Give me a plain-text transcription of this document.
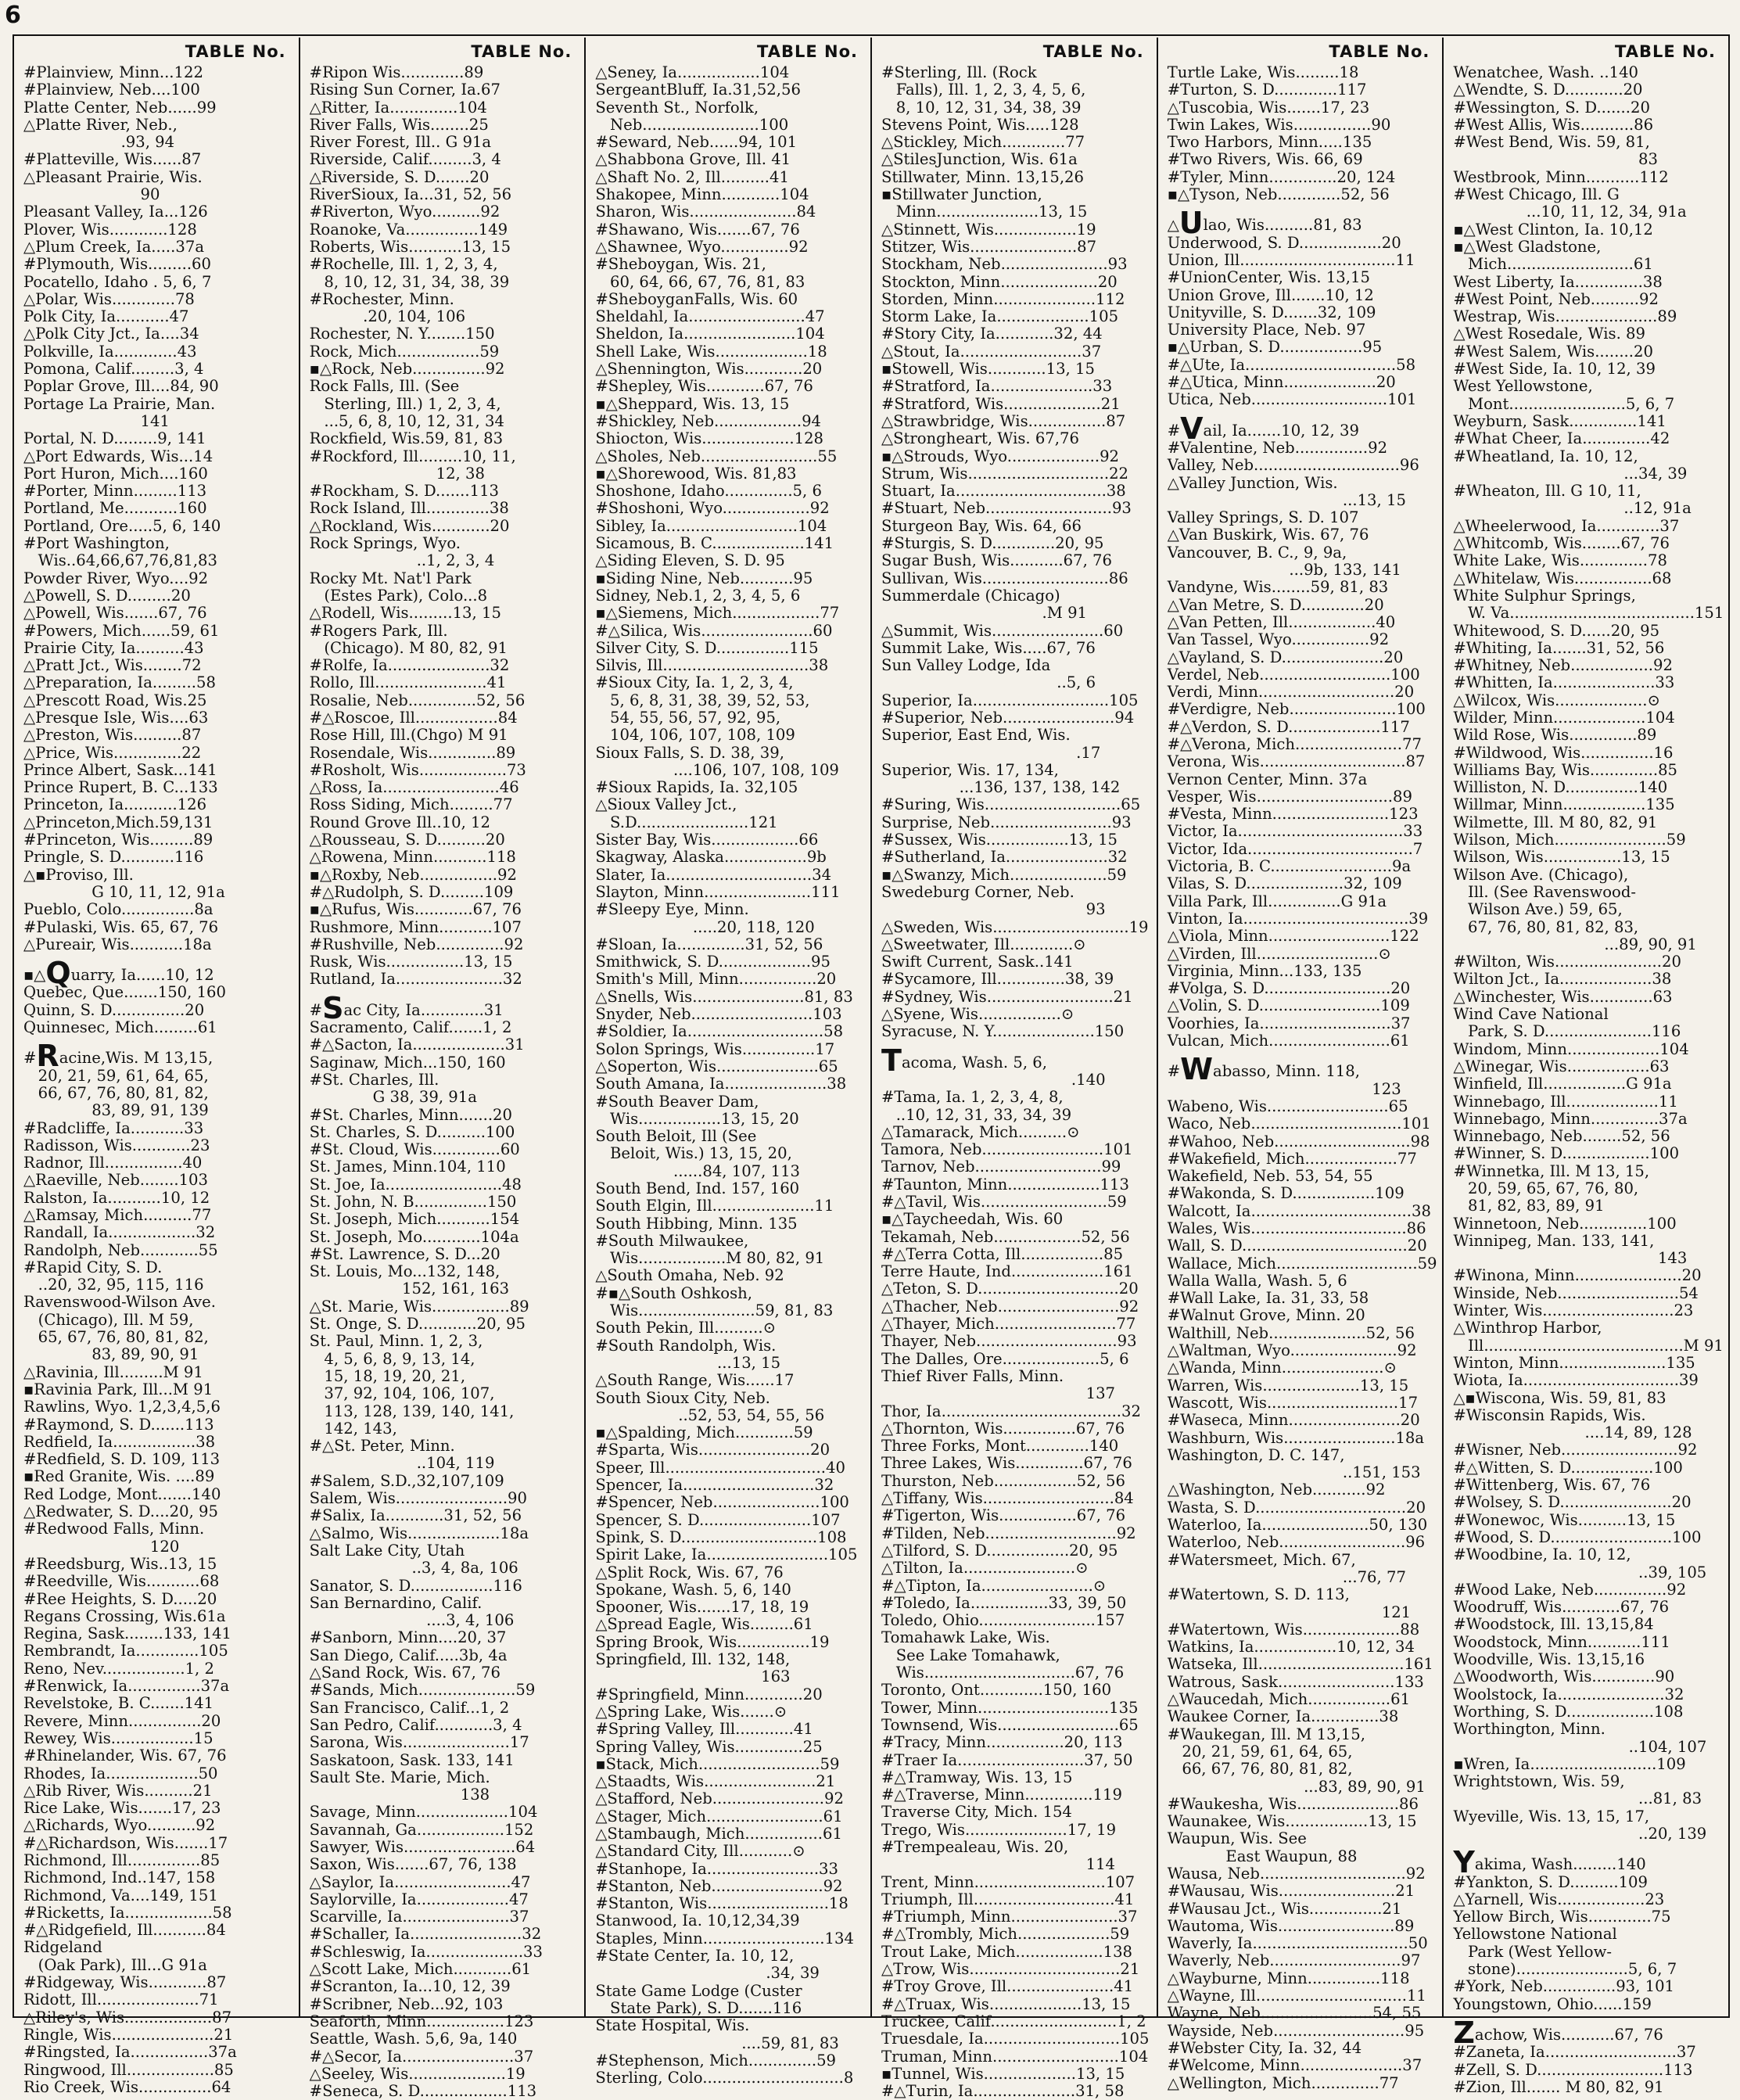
6
TABLE No.
#Plainview, Minn...122
#Plainview, Neb....100
Platte Center, Neb......99
△Platte River, Neb.,
.93, 94
#Platteville, Wis......87
△Pleasant Prairie, Wis.
90
Pleasant Valley, Ia...126
Plover, Wis............128
△Plum Creek, Ia.....37a
#Plymouth, Wis.........60
Pocatello, Idaho . 5, 6, 7
△Polar, Wis.............78
Polk City, Ia...........47
△Polk City Jct., Ia....34
Polkville, Ia.............43
Pomona, Calif.........3, 4
Poplar Grove, Ill....84, 90
Portage La Prairie, Man.
141
Portal, N. D.........9, 141
△Port Edwards, Wis...14
Port Huron, Mich....160
#Porter, Minn.........113
Portland, Me...........160
Portland, Ore.....5, 6, 140
#Port Washington,
Wis..64,66,67,76,81,83
Powder River, Wyo....92
△Powell, S. D.........20
△Powell, Wis.......67, 76
#Powers, Mich......59, 61
Prairie City, Ia..........43
△Pratt Jct., Wis........72
△Preparation, Ia.........58
△Prescott Road, Wis.25
△Presque Isle, Wis....63
△Preston, Wis..........87
△Price, Wis..............22
Prince Albert, Sask...141
Prince Rupert, B. C...133
Princeton, Ia...........126
△Princeton,Mich.59,131
#Princeton, Wis.........89
Pringle, S. D...........116
△▪Proviso, Ill.
G 10, 11, 12, 91a
Pueblo, Colo...............8a
#Pulaski, Wis. 65, 67, 76
△Pureair, Wis...........18a
▪△Quarry, Ia......10, 12
Quebec, Que.......150, 160
Quinn, S. D...............20
Quinnesec, Mich.........61
#Racine,Wis. M 13,15,
20, 21, 59, 61, 64, 65,
66, 67, 76, 80, 81, 82,
83, 89, 91, 139
#Radcliffe, Ia...........33
Radisson, Wis............23
Radnor, Ill................40
△Raeville, Neb........103
Ralston, Ia...........10, 12
△Ramsay, Mich..........77
Randall, Ia..................32
Randolph, Neb............55
#Rapid City, S. D.
..20, 32, 95, 115, 116
Ravenswood-Wilson Ave.
(Chicago), Ill. M 59,
65, 67, 76, 80, 81, 82,
83, 89, 90, 91
△Ravinia, Ill.........M 91
▪Ravinia Park, Ill...M 91
Rawlins, Wyo. 1,2,3,4,5,6
#Raymond, S. D.......113
Redfield, Ia.................38
#Redfield, S. D. 109, 113
▪Red Granite, Wis. ....89
Red Lodge, Mont.......140
△Redwater, S. D....20, 95
#Redwood Falls, Minn.
120
#Reedsburg, Wis..13, 15
#Reedville, Wis...........68
#Ree Heights, S. D.....20
Regans Crossing, Wis.61a
Regina, Sask........133, 141
Rembrandt, Ia.............105
Reno, Nev.................1, 2
#Renwick, Ia...............37a
Revelstoke, B. C.......141
Revere, Minn...............20
Rewey, Wis.................15
#Rhinelander, Wis. 67, 76
Rhodes, Ia...................50
△Rib River, Wis..........21
Rice Lake, Wis.......17, 23
△Richards, Wyo..........92
#△Richardson, Wis.......17
Richmond, Ill...............85
Richmond, Ind..147, 158
Richmond, Va....149, 151
#Ricketts, Ia..................58
#△Ridgefield, Ill...........84
Ridgeland
(Oak Park), Ill...G 91a
#Ridgeway, Wis............87
Ridott, Ill.....................71
△Riley's, Wis..................87
Ringle, Wis.....................21
#Ringsted, Ia................37a
Ringwood, Ill..................85
Rio Creek, Wis...............64
TABLE No.
#Ripon Wis.............89
Rising Sun Corner, Ia.67
△Ritter, Ia..............104
River Falls, Wis........25
River Forest, Ill.. G 91a
Riverside, Calif.........3, 4
△Riverside, S. D.......20
RiverSioux, Ia...31, 52, 56
#Riverton, Wyo..........92
Roanoke, Va...............149
Roberts, Wis...........13, 15
#Rochelle, Ill. 1, 2, 3, 4,
8, 10, 12, 31, 34, 38, 39
#Rochester, Minn.
.20, 104, 106
Rochester, N. Y........150
Rock, Mich.................59
▪△Rock, Neb...............92
Rock Falls, Ill. (See
Sterling, Ill.) 1, 2, 3, 4,
...5, 6, 8, 10, 12, 31, 34
Rockfield, Wis.59, 81, 83
#Rockford, Ill.........10, 11,
12, 38
#Rockham, S. D.......113
Rock Island, Ill.............38
△Rockland, Wis............20
Rock Springs, Wyo.
..1, 2, 3, 4
Rocky Mt. Nat'l Park
(Estes Park), Colo...8
△Rodell, Wis.........13, 15
#Rogers Park, Ill.
(Chicago). M 80, 82, 91
#Rolfe, Ia.....................32
Rollo, Ill.......................41
Rosalie, Neb..............52, 56
#△Roscoe, Ill.................84
Rose Hill, Ill.(Chgo) M 91
Rosendale, Wis..............89
#Rosholt, Wis..................73
△Ross, Ia........................46
Ross Siding, Mich.........77
Round Grove Ill..10, 12
△Rousseau, S. D..........20
△Rowena, Minn...........118
▪△Roxby, Neb................92
#△Rudolph, S. D.........109
▪△Rufus, Wis............67, 76
Rushmore, Minn...........107
#Rushville, Neb..............92
Rusk, Wis................13, 15
Rutland, Ia......................32
#Sac City, Ia.............31
Sacramento, Calif.......1, 2
#△Sacton, Ia...................31
Saginaw, Mich...150, 160
#St. Charles, Ill.
G 38, 39, 91a
#St. Charles, Minn.......20
St. Charles, S. D..........100
#St. Cloud, Wis..............60
St. James, Minn.104, 110
St. Joe, Ia........................48
St. John, N. B...............150
St. Joseph, Mich...........154
St. Joseph, Mo............104a
#St. Lawrence, S. D...20
St. Louis, Mo...132, 148,
152, 161, 163
△St. Marie, Wis................89
St. Onge, S. D............20, 95
St. Paul, Minn. 1, 2, 3,
4, 5, 6, 8, 9, 13, 14,
15, 18, 19, 20, 21,
37, 92, 104, 106, 107,
113, 128, 139, 140, 141,
142, 143,
#△St. Peter, Minn.
..104, 119
#Salem, S.D.,32,107,109
Salem, Wis.......................90
#Salix, Ia............31, 52, 56
△Salmo, Wis...................18a
Salt Lake City, Utah
..3, 4, 8a, 106
Sanator, S. D.................116
San Bernardino, Calif.
....3, 4, 106
#Sanborn, Minn....20, 37
San Diego, Calif.....3b, 4a
△Sand Rock, Wis. 67, 76
#Sands, Mich....................59
San Francisco, Calif...1, 2
San Pedro, Calif............3, 4
Sarona, Wis......................17
Saskatoon, Sask. 133, 141
Sault Ste. Marie, Mich.
138
Savage, Minn...................104
Savannah, Ga..................152
Sawyer, Wis.......................64
Saxon, Wis.......67, 76, 138
△Saylor, Ia........................47
Saylorville, Ia...................47
Scarville, Ia......................37
#Schaller, Ia.......................32
#Schleswig, Ia....................33
△Scott Lake, Mich............61
#Scranton, Ia...10, 12, 39
#Scribner, Neb...92, 103
Seaforth, Minn................123
Seattle, Wash. 5,6, 9a, 140
#△Secor, Ia.......................37
△Seeley, Wis....................19
#Seneca, S. D..................113
TABLE No.
△Seney, Ia.................104
SergeantBluff, Ia.31,52,56
Seventh St., Norfolk,
Neb........................100
#Seward, Neb......94, 101
△Shabbona Grove, Ill. 41
△Shaft No. 2, Ill..........41
Shakopee, Minn............104
Sharon, Wis......................84
#Shawano, Wis.......67, 76
△Shawnee, Wyo..............92
#Sheboygan, Wis. 21,
60, 64, 66, 67, 76, 81, 83
#SheboyganFalls, Wis. 60
Sheldahl, Ia........................47
Sheldon, Ia.......................104
Shell Lake, Wis...................18
△Shennington, Wis............20
#Shepley, Wis............67, 76
▪△Sheppard, Wis. 13, 15
#Shickley, Neb..................94
Shiocton, Wis...................128
△Sholes, Neb........................55
▪△Shorewood, Wis. 81,83
Shoshone, Idaho..............5, 6
#Shoshoni, Wyo..................92
Sibley, Ia...........................104
Sicamous, B. C...................141
△Siding Eleven, S. D. 95
▪Siding Nine, Neb...........95
Sidney, Neb.1, 2, 3, 4, 5, 6
▪△Siemens, Mich..................77
#△Silica, Wis.......................60
Silver City, S. D...............115
Silvis, Ill..............................38
#Sioux City, Ia. 1, 2, 3, 4,
5, 6, 8, 31, 38, 39, 52, 53,
54, 55, 56, 57, 92, 95,
104, 106, 107, 108, 109
Sioux Falls, S. D. 38, 39,
....106, 107, 108, 109
#Sioux Rapids, Ia. 32,105
△Sioux Valley Jct.,
S.D.......................121
Sister Bay, Wis..................66
Skagway, Alaska.................9b
Slater, Ia..............................34
Slayton, Minn......................111
#Sleepy Eye, Minn.
.....20, 118, 120
#Sloan, Ia..............31, 52, 56
Smithwick, S. D...................95
Smith's Mill, Minn................20
△Snells, Wis.......................81, 83
Snyder, Neb.........................103
#Soldier, Ia............................58
Solon Springs, Wis...............17
△Soperton, Wis.....................65
South Amana, Ia.....................38
#South Beaver Dam,
Wis.................13, 15, 20
South Beloit, Ill (See
Beloit, Wis.) 13, 15, 20,
......84, 107, 113
South Bend, Ind. 157, 160
South Elgin, Ill.....................11
South Hibbing, Minn. 135
#South Milwaukee,
Wis..................M 80, 82, 91
△South Omaha, Neb. 92
#▪△South Oshkosh,
Wis........................59, 81, 83
South Pekin, Ill..........⊙
#South Randolph, Wis.
...13, 15
△South Range, Wis......17
South Sioux City, Neb.
..52, 53, 54, 55, 56
▪△Spalding, Mich............59
#Sparta, Wis.......................20
Speer, Ill.................................40
Spencer, Ia...........................32
#Spencer, Neb......................100
Spencer, S. D.......................107
Spink, S. D............................108
Spirit Lake, Ia.........................105
△Split Rock, Wis. 67, 76
Spokane, Wash. 5, 6, 140
Spooner, Wis.......17, 18, 19
△Spread Eagle, Wis.........61
Spring Brook, Wis...............19
Springfield, Ill. 132, 148,
163
#Springfield, Minn............20
△Spring Lake, Wis.......⊙
#Spring Valley, Ill............41
Spring Valley, Wis..............25
▪Stack, Mich.........................59
△Staadts, Wis.......................21
△Stafford, Neb.......................92
△Stager, Mich........................61
△Stambaugh, Mich................61
△Standard City, Ill...........⊙
#Stanhope, Ia.......................33
#Stanton, Neb.......................92
#Stanton, Wis.........................18
Stanwood, Ia. 10,12,34,39
Staples, Minn.........................134
#State Center, Ia. 10, 12,
.34, 39
State Game Lodge (Custer
State Park), S. D.......116
State Hospital, Wis.
....59, 81, 83
#Stephenson, Mich..............59
Sterling, Colo.............................8
TABLE No.
#Sterling, Ill. (Rock
Falls), Ill. 1, 2, 3, 4, 5, 6,
8, 10, 12, 31, 34, 38, 39
Stevens Point, Wis.....128
△Stickley, Mich.............77
△StilesJunction, Wis. 61a
Stillwater, Minn. 13,15,26
▪Stillwater Junction,
Minn.....................13, 15
△Stinnett, Wis.................19
Stitzer, Wis......................87
Stockham, Neb......................93
Stockton, Minn....................20
Storden, Minn.....................112
Storm Lake, Ia...................105
#Story City, Ia............32, 44
△Stout, Ia.........................37
▪Stowell, Wis............13, 15
#Stratford, Ia.....................33
#Stratford, Wis....................21
△Strawbridge, Wis................87
△Strongheart, Wis. 67,76
▪△Strouds, Wyo...................92
Strum, Wis.............................22
Stuart, Ia...............................38
#Stuart, Neb..........................93
Sturgeon Bay, Wis. 64, 66
#Sturgis, S. D.............20, 95
Sugar Bush, Wis...........67, 76
Sullivan, Wis..........................86
Summerdale (Chicago)
.M 91
△Summit, Wis.......................60
Summit Lake, Wis.....67, 76
Sun Valley Lodge, Ida
..5, 6
Superior, Ia............................105
#Superior, Neb.......................94
Superior, East End, Wis.
.17
Superior, Wis. 17, 134,
...136, 137, 138, 142
#Suring, Wis............................65
Surprise, Neb.........................93
#Sussex, Wis.................13, 15
#Sutherland, Ia.....................32
▪△Swanzy, Mich....................59
Swedeburg Corner, Neb.
93
△Sweden, Wis............................19
△Sweetwater, Ill.............⊙
Swift Current, Sask..141
#Sycamore, Ill..............38, 39
#Sydney, Wis..........................21
△Syene, Wis.................⊙
Syracuse, N. Y.....................150
Tacoma, Wash. 5, 6,
.140
#Tama, Ia. 1, 2, 3, 4, 8,
..10, 12, 31, 33, 34, 39
△Tamarack, Mich..........⊙
Tamora, Neb.........................101
Tarnov, Neb..........................99
#Taunton, Minn...................113
#△Tavil, Wis..........................59
▪△Taycheedah, Wis. 60
Tekamah, Neb..................52, 56
#△Terra Cotta, Ill.................85
Terre Haute, Ind...................161
△Teton, S. D.............................20
△Thacher, Neb.........................92
△Thayer, Mich.........................77
Thayer, Neb.............................93
The Dalles, Ore....................5, 6
Thief River Falls, Minn.
137
Thor, Ia.....................................32
△Thornton, Wis...............67, 76
Three Forks, Mont.............140
Three Lakes, Wis..............67, 76
Thurston, Neb.................52, 56
△Tiffany, Wis...........................84
#Tigerton, Wis................67, 76
#Tilden, Neb...........................92
△Tilford, S. D.................20, 95
△Tilton, Ia.......................⊙
#△Tipton, Ia.......................⊙
#Toledo, Ia................33, 39, 50
Toledo, Ohio........................157
Tomahawk Lake, Wis.
See Lake Tomahawk,
Wis...............................67, 76
Toronto, Ont.............150, 160
Tower, Minn...........................135
Townsend, Wis.........................65
#Tracy, Minn................20, 113
#Traer Ia..........................37, 50
#△Tramway, Wis. 13, 15
#△Traverse, Minn..............119
Traverse City, Mich. 154
Trego, Wis.....................17, 19
#Trempealeau, Wis. 20,
114
Trent, Minn...........................107
Triumph, Ill.............................41
#Triumph, Minn......................37
#△Trombly, Mich...................59
Trout Lake, Mich..................138
△Trow, Wis...............................21
#Troy Grove, Ill......................41
#△Truax, Wis...................13, 15
Truckee, Calif..........................1, 2
Truesdale, Ia............................105
Truman, Minn..........................104
▪Tunnel, Wis...................13, 15
#△Turin, Ia.....................31, 58
TABLE No.
Turtle Lake, Wis.........18
#Turton, S. D.............117
△Tuscobia, Wis.......17, 23
Twin Lakes, Wis................90
Two Harbors, Minn.....135
#Two Rivers, Wis. 66, 69
#Tyler, Minn..............20, 124
▪△Tyson, Neb.............52, 56
△Ulao, Wis..........81, 83
Underwood, S. D.................20
Union, Ill................................11
#UnionCenter, Wis. 13,15
Union Grove, Ill.......10, 12
Unityville, S. D.......32, 109
University Place, Neb. 97
▪△Urban, S. D.................95
#△Ute, Ia...............................58
#△Utica, Minn...................20
Utica, Neb............................101
#Vail, Ia.......10, 12, 39
#Valentine, Neb...............92
Valley, Neb..............................96
△Valley Junction, Wis.
...13, 15
Valley Springs, S. D. 107
△Van Buskirk, Wis. 67, 76
Vancouver, B. C., 9, 9a,
...9b, 133, 141
Vandyne, Wis........59, 81, 83
△Van Metre, S. D.............20
△Van Petten, Ill..................40
Van Tassel, Wyo................92
△Vayland, S. D.....................20
Verdel, Neb...........................100
Verdi, Minn............................20
#Verdigre, Neb......................100
#△Verdon, S. D...................117
#△Verona, Mich......................77
Verona, Wis..............................87
Vernon Center, Minn. 37a
Vesper, Wis............................89
#Vesta, Minn........................123
Victor, Ia..................................33
Victor, Ida..................................7
Victoria, B. C.........................9a
Vilas, S. D....................32, 109
Villa Park, Ill...............G 91a
Vinton, Ia..................................39
△Viola, Minn.........................122
△Virden, Ill.........................⊙
Virginia, Minn...133, 135
#Volga, S. D..........................20
△Volin, S. D.........................109
Voorhies, Ia...........................37
Vulcan, Mich.........................61
#Wabasso, Minn. 118,
123
Wabeno, Wis.........................65
Waco, Neb...............................101
#Wahoo, Neb............................98
#Wakefield, Mich...................77
Wakefield, Neb. 53, 54, 55
#Wakonda, S. D.................109
Walcott, Ia.................................38
Wales, Wis................................86
Wall, S. D..................................20
Wallace, Mich.............................59
Walla Walla, Wash. 5, 6
#Wall Lake, Ia. 31, 33, 58
#Walnut Grove, Minn. 20
Walthill, Neb....................52, 56
△Waltman, Wyo......................92
△Wanda, Minn.....................⊙
Warren, Wis....................13, 15
Wascott, Wis...........................17
#Waseca, Minn.......................20
Washburn, Wis.......................18a
Washington, D. C. 147,
..151, 153
△Washington, Neb...........92
Wasta, S. D...............................20
Waterloo, Ia......................50, 130
Waterloo, Neb..........................96
#Watersmeet, Mich. 67,
...76, 77
#Watertown, S. D. 113,
121
#Watertown, Wis....................88
Watkins, Ia.................10, 12, 34
Watseka, Ill..............................161
Watrous, Sask........................133
△Waucedah, Mich.................61
Waukee Corner, Ia..............38
#Waukegan, Ill. M 13,15,
20, 21, 59, 61, 64, 65,
66, 67, 76, 80, 81, 82,
...83, 89, 90, 91
#Waukesha, Wis.....................86
Waunakee, Wis.................13, 15
Waupun, Wis. See
East Waupun, 88
Wausa, Neb..............................92
#Wausau, Wis........................21
#Wausau Jct., Wis...............21
Wautoma, Wis........................89
Waverly, Ia................................50
Waverly, Neb...........................97
△Wayburne, Minn...............118
△Wayne, Ill...............................11
Wayne, Neb.......................54, 55
Wayside, Neb...........................95
#Webster City, Ia. 32, 44
#Welcome, Minn.....................37
△Wellington, Mich..............77
TABLE No.
Wenatchee, Wash. ..140
△Wendte, S. D............20
#Wessington, S. D.......20
#West Allis, Wis...........86
#West Bend, Wis. 59, 81,
83
Westbrook, Minn...........112
#West Chicago, Ill. G
...10, 11, 12, 34, 91a
▪△West Clinton, Ia. 10,12
▪△West Gladstone,
Mich..........................61
West Liberty, Ia..............38
#West Point, Neb..........92
Westrap, Wis.....................89
△West Rosedale, Wis. 89
#West Salem, Wis........20
#West Side, Ia. 10, 12, 39
West Yellowstone,
Mont........................5, 6, 7
Weyburn, Sask..............141
#What Cheer, Ia..............42
#Wheatland, Ia. 10, 12,
...34, 39
#Wheaton, Ill. G 10, 11,
..12, 91a
△Wheelerwood, Ia.............37
△Whitcomb, Wis........67, 76
White Lake, Wis..............78
△Whitelaw, Wis................68
White Sulphur Springs,
W. Va......................................151
Whitewood, S. D......20, 95
#Whiting, Ia.......31, 52, 56
#Whitney, Neb.................92
#Whitten, Ia.....................33
△Wilcox, Wis...................⊙
Wilder, Minn...................104
Wild Rose, Wis..............89
#Wildwood, Wis...............16
Williams Bay, Wis..............85
Williston, N. D...............140
Willmar, Minn.................135
Wilmette, Ill. M 80, 82, 91
Wilson, Mich.......................59
Wilson, Wis................13, 15
Wilson Ave. (Chicago),
Ill. (See Ravenswood-
Wilson Ave.) 59, 65,
67, 76, 80, 81, 82, 83,
...89, 90, 91
#Wilton, Wis......................20
Wilton Jct., Ia...................38
△Winchester, Wis.............63
Wind Cave National
Park, S. D......................116
Windom, Minn...................104
△Winegar, Wis.................63
Winfield, Ill.................G 91a
Winnebago, Ill...................11
Winnebago, Minn..............37a
Winnebago, Neb........52, 56
#Winner, S. D..................100
#Winnetka, Ill. M 13, 15,
20, 59, 65, 67, 76, 80,
81, 82, 83, 89, 91
Winnetoon, Neb..............100
Winnipeg, Man. 133, 141,
143
#Winona, Minn......................20
Winside, Neb.........................54
Winter, Wis...........................23
△Winthrop Harbor,
Ill.........................................M 91
Winton, Minn......................135
Wiota, Ia................................39
△▪Wiscona, Wis. 59, 81, 83
#Wisconsin Rapids, Wis.
....14, 89, 128
#Wisner, Neb........................92
#△Witten, S. D.................100
#Wittenberg, Wis. 67, 76
#Wolsey, S. D.......................20
#Wonewoc, Wis..........13, 15
#Wood, S. D.........................100
#Woodbine, Ia. 10, 12,
..39, 105
#Wood Lake, Neb...............92
Woodruff, Wis............67, 76
#Woodstock, Ill. 13,15,84
Woodstock, Minn...........111
Woodville, Wis. 13,15,16
△Woodworth, Wis.............90
Woolstock, Ia......................32
Worthing, S. D..................108
Worthington, Minn.
..104, 107
▪Wren, Ia..........................109
Wrightstown, Wis. 59,
...81, 83
Wyeville, Wis. 13, 15, 17,
..20, 139
Yakima, Wash.........140
#Yankton, S. D..........109
△Yarnell, Wis..................23
Yellow Birch, Wis.............75
Yellowstone National
Park (West Yellow-
stone).......................5, 6, 7
#York, Neb...............93, 101
Youngstown, Ohio......159
Zachow, Wis...........67, 76
#Zaneta, Ia...........................37
#Zell, S. D..........................113
#Zion, Ill....... M 80, 82, 91
